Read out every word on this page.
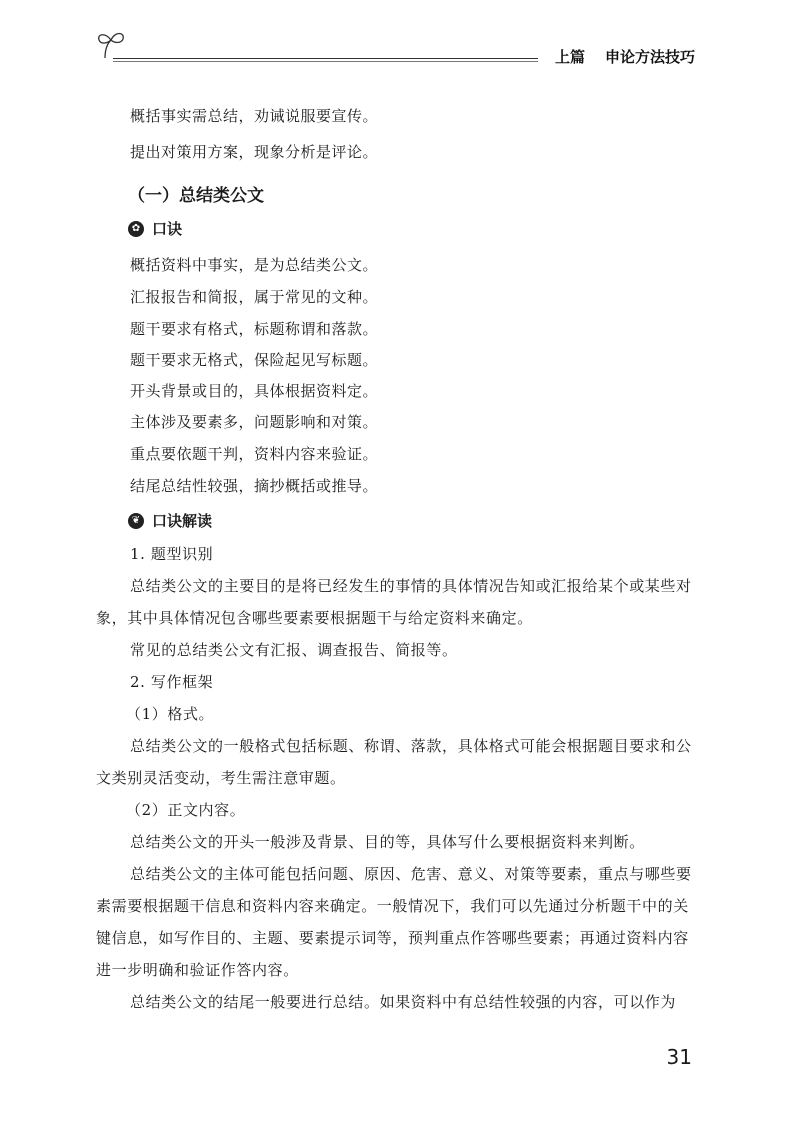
上篇 申论方法技巧
概括事实需总结，劝诫说服要宣传。
提出对策用方案，现象分析是评论。
（一）总结类公文
✿ 口诀
概括资料中事实，是为总结类公文。
汇报报告和简报，属于常见的文种。
题干要求有格式，标题称谓和落款。
题干要求无格式，保险起见写标题。
开头背景或目的，具体根据资料定。
主体涉及要素多，问题影响和对策。
重点要依题干判，资料内容来验证。
结尾总结性较强，摘抄概括或推导。
❦ 口诀解读
1. 题型识别
总结类公文的主要目的是将已经发生的事情的具体情况告知或汇报给某个或某些对象，其中具体情况包含哪些要素要根据题干与给定资料来确定。
常见的总结类公文有汇报、调查报告、简报等。
2. 写作框架
（1）格式。
总结类公文的一般格式包括标题、称谓、落款，具体格式可能会根据题目要求和公文类别灵活变动，考生需注意审题。
（2）正文内容。
总结类公文的开头一般涉及背景、目的等，具体写什么要根据资料来判断。
总结类公文的主体可能包括问题、原因、危害、意义、对策等要素，重点与哪些要素需要根据题干信息和资料内容来确定。一般情况下，我们可以先通过分析题干中的关键信息，如写作目的、主题、要素提示词等，预判重点作答哪些要素；再通过资料内容进一步明确和验证作答内容。
总结类公文的结尾一般要进行总结。如果资料中有总结性较强的内容，可以作为
31
